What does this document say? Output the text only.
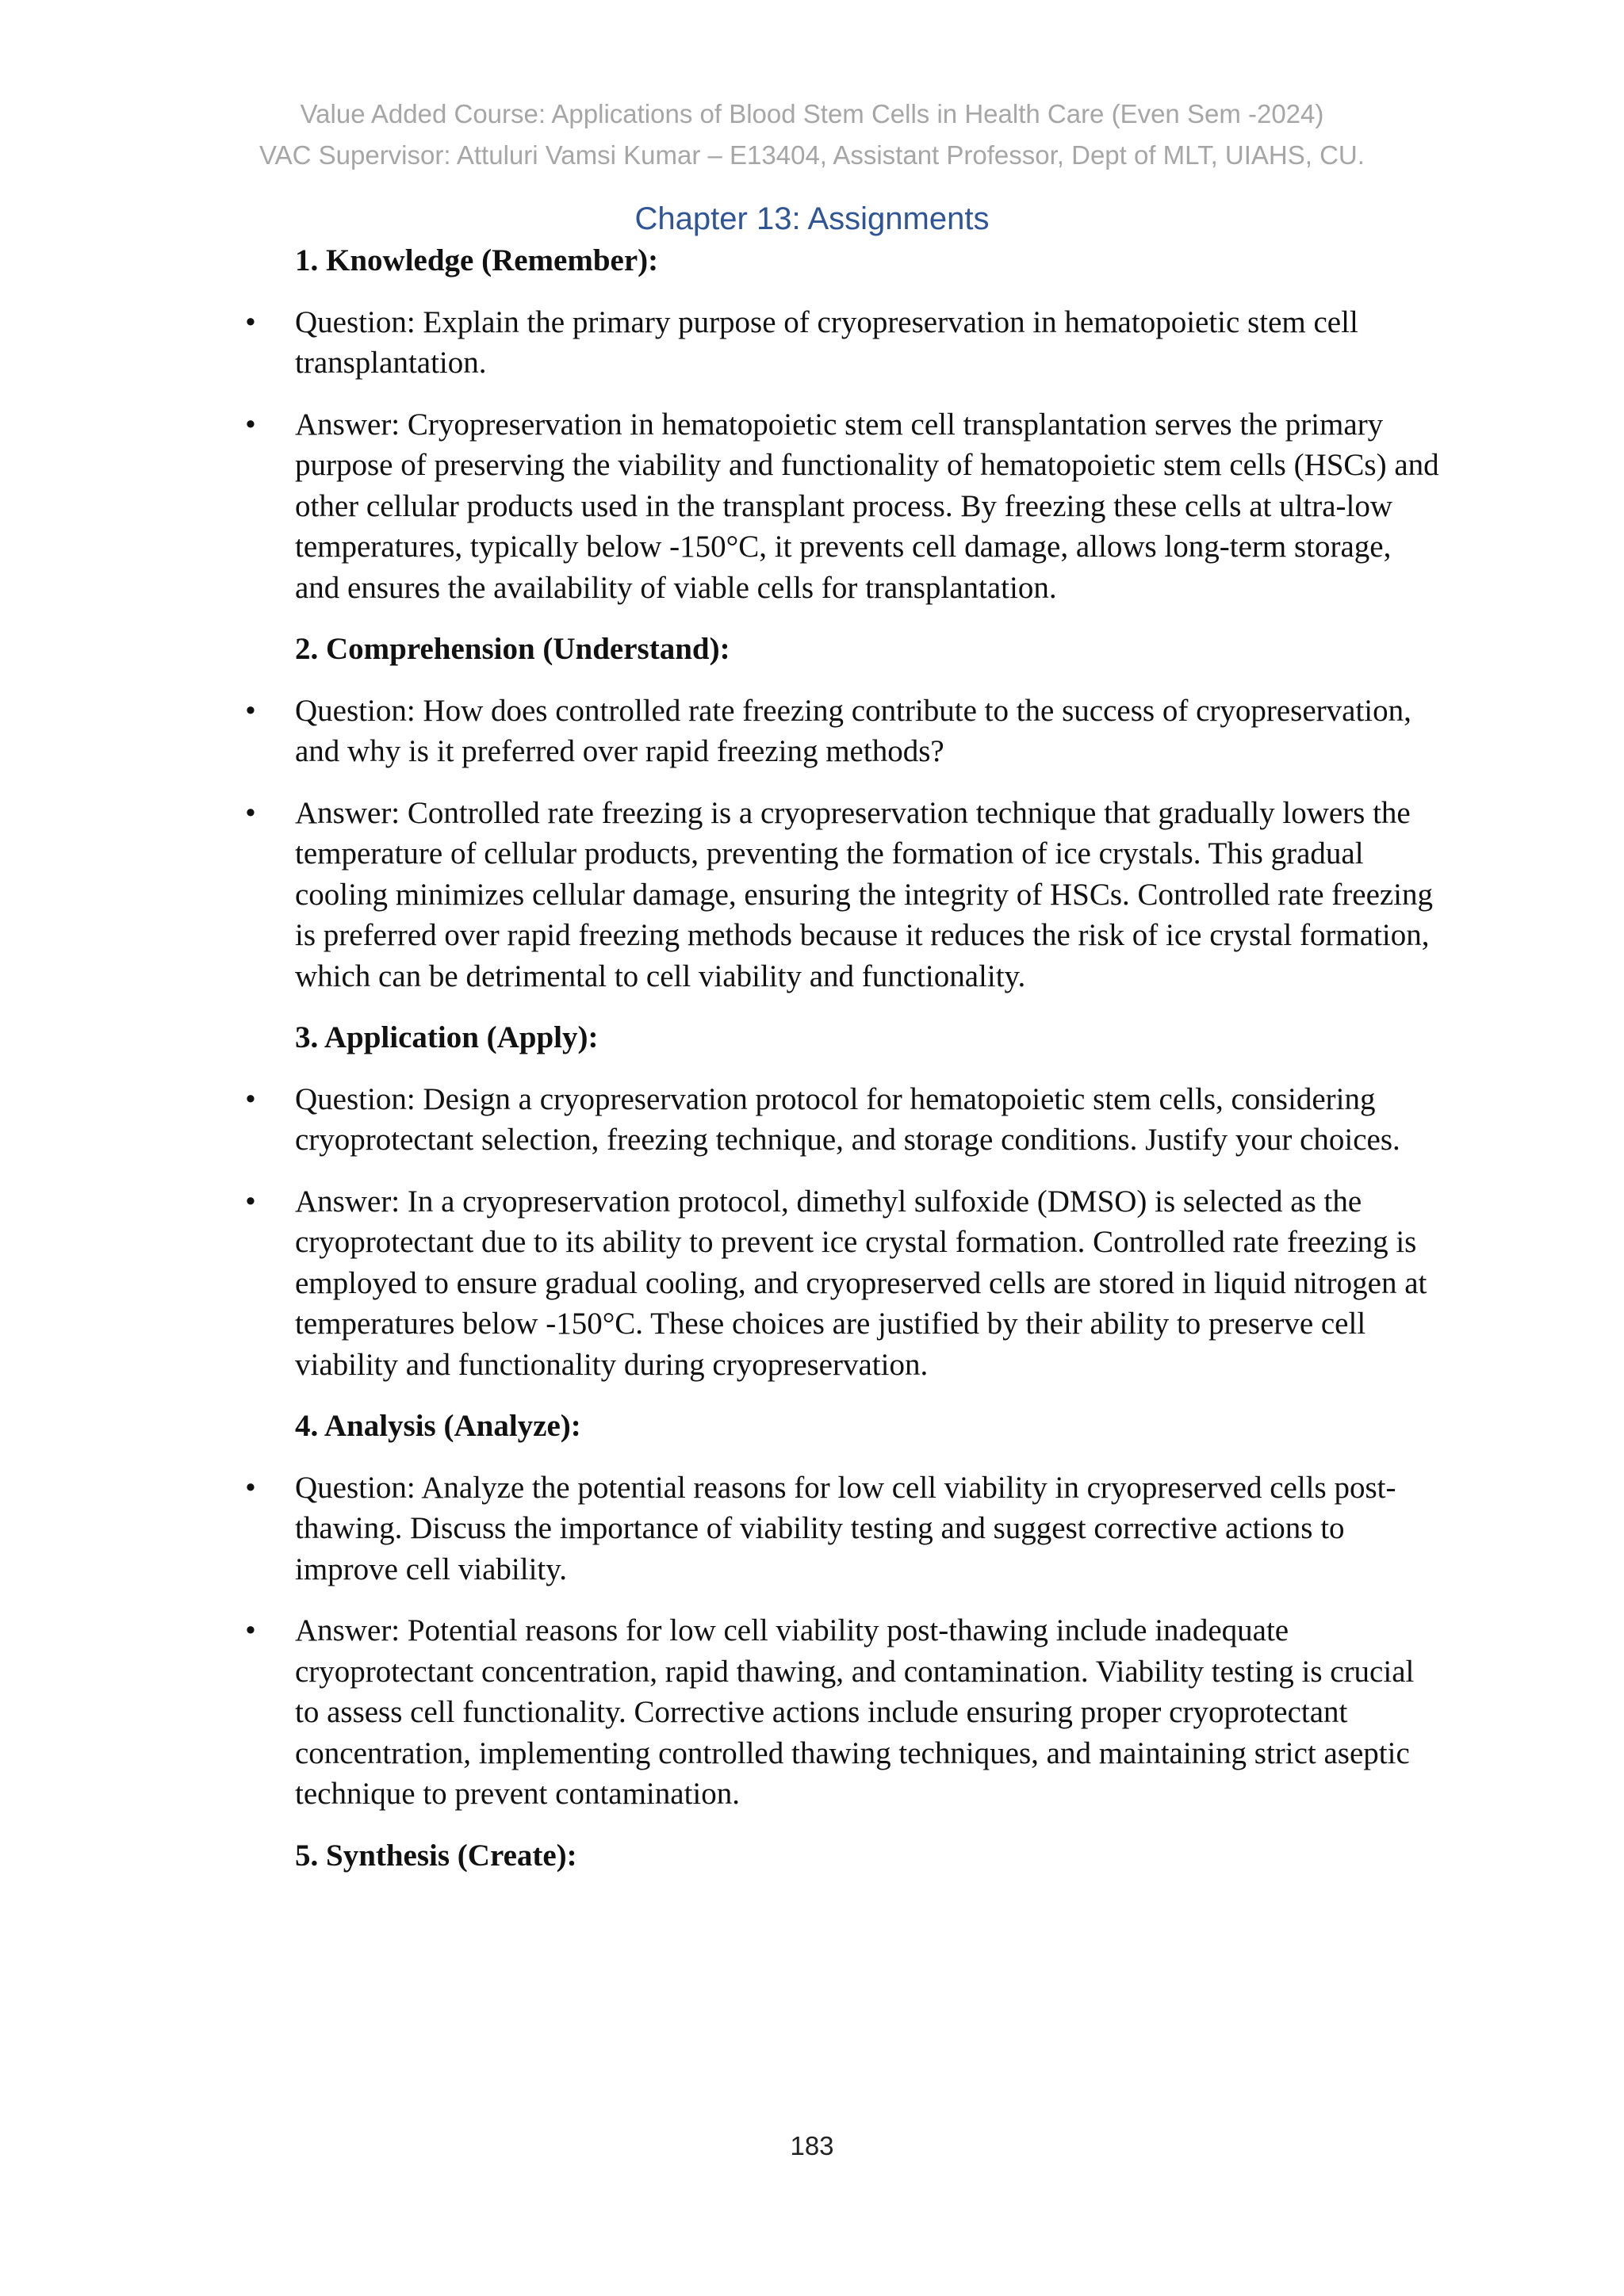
Value Added Course: Applications of Blood Stem Cells in Health Care (Even Sem -2024)
VAC Supervisor: Attuluri Vamsi Kumar – E13404, Assistant Professor, Dept of MLT, UIAHS, CU.
Chapter 13: Assignments
1. Knowledge (Remember):
• Question: Explain the primary purpose of cryopreservation in hematopoietic stem cell transplantation.
• Answer: Cryopreservation in hematopoietic stem cell transplantation serves the primary purpose of preserving the viability and functionality of hematopoietic stem cells (HSCs) and other cellular products used in the transplant process. By freezing these cells at ultra-low temperatures, typically below -150°C, it prevents cell damage, allows long-term storage, and ensures the availability of viable cells for transplantation.
2. Comprehension (Understand):
• Question: How does controlled rate freezing contribute to the success of cryopreservation, and why is it preferred over rapid freezing methods?
• Answer: Controlled rate freezing is a cryopreservation technique that gradually lowers the temperature of cellular products, preventing the formation of ice crystals. This gradual cooling minimizes cellular damage, ensuring the integrity of HSCs. Controlled rate freezing is preferred over rapid freezing methods because it reduces the risk of ice crystal formation, which can be detrimental to cell viability and functionality.
3. Application (Apply):
• Question: Design a cryopreservation protocol for hematopoietic stem cells, considering cryoprotectant selection, freezing technique, and storage conditions. Justify your choices.
• Answer: In a cryopreservation protocol, dimethyl sulfoxide (DMSO) is selected as the cryoprotectant due to its ability to prevent ice crystal formation. Controlled rate freezing is employed to ensure gradual cooling, and cryopreserved cells are stored in liquid nitrogen at temperatures below -150°C. These choices are justified by their ability to preserve cell viability and functionality during cryopreservation.
4. Analysis (Analyze):
• Question: Analyze the potential reasons for low cell viability in cryopreserved cells post-thawing. Discuss the importance of viability testing and suggest corrective actions to improve cell viability.
• Answer: Potential reasons for low cell viability post-thawing include inadequate cryoprotectant concentration, rapid thawing, and contamination. Viability testing is crucial to assess cell functionality. Corrective actions include ensuring proper cryoprotectant concentration, implementing controlled thawing techniques, and maintaining strict aseptic technique to prevent contamination.
5. Synthesis (Create):
183
